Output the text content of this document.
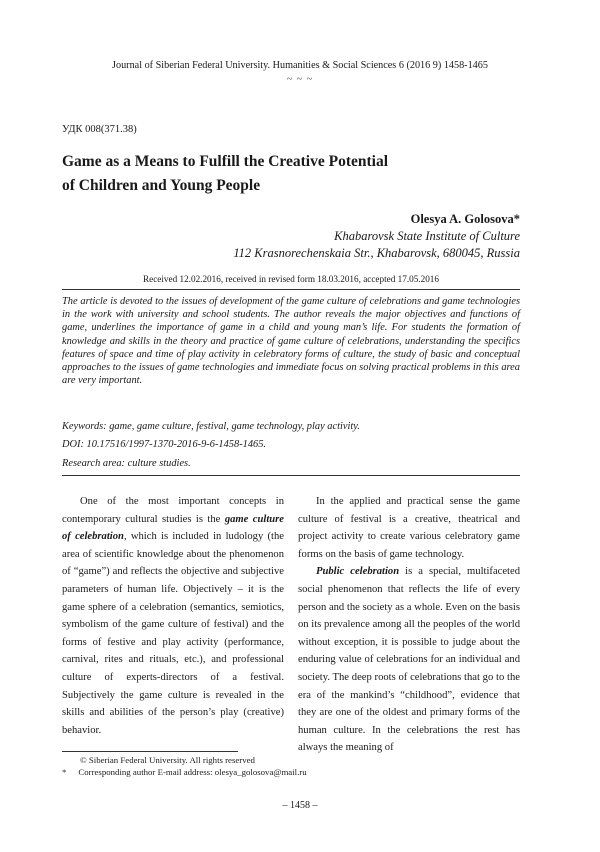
Journal of Siberian Federal University. Humanities & Social Sciences 6 (2016 9) 1458-1465
~ ~ ~
УДК 008(371.38)
Game as a Means to Fulfill the Creative Potential
of Children and Young People
Olesya A. Golosova*
Khabarovsk State Institute of Culture
112 Krasnorechenskaia Str., Khabarovsk, 680045, Russia
Received 12.02.2016, received in revised form 18.03.2016, accepted 17.05.2016

The article is devoted to the issues of development of the game culture of celebrations and game technologies in the work with university and school students. The author reveals the major objectives and functions of game, underlines the importance of game in a child and young man’s life. For students the formation of knowledge and skills in the theory and practice of game culture of celebrations, understanding the specifics features of space and time of play activity in celebratory forms of culture, the study of basic and conceptual approaches to the issues of game technologies and immediate focus on solving practical problems in this area are very important.

Keywords: game, game culture, festival, game technology, play activity.
DOI: 10.17516/1997-1370-2016-9-6-1458-1465.
Research area: culture studies.

One of the most important concepts in contemporary cultural studies is the game culture of celebration, which is included in ludology (the area of scientific knowledge about the phenomenon of “game”) and reflects the objective and subjective parameters of human life. Objectively – it is the game sphere of a celebration (semantics, semiotics, symbolism of the game culture of festival) and the forms of festive and play activity (performance, carnival, rites and rituals, etc.), and professional culture of experts-directors of a festival. Subjectively the game culture is revealed in the skills and abilities of the person’s play (creative) behavior.

In the applied and practical sense the game culture of festival is a creative, theatrical and project activity to create various celebratory game forms on the basis of game technology.

Public celebration is a special, multifaceted social phenomenon that reflects the life of every person and the society as a whole. Even on the basis on its prevalence among all the peoples of the world without exception, it is possible to judge about the enduring value of celebrations for an individual and society. The deep roots of celebrations that go to the era of the mankind’s “childhood”, evidence that they are one of the oldest and primary forms of the human culture. In the celebrations the rest has always the meaning of

© Siberian Federal University. All rights reserved
* Corresponding author E-mail address: olesya_golosova@mail.ru
– 1458 –
